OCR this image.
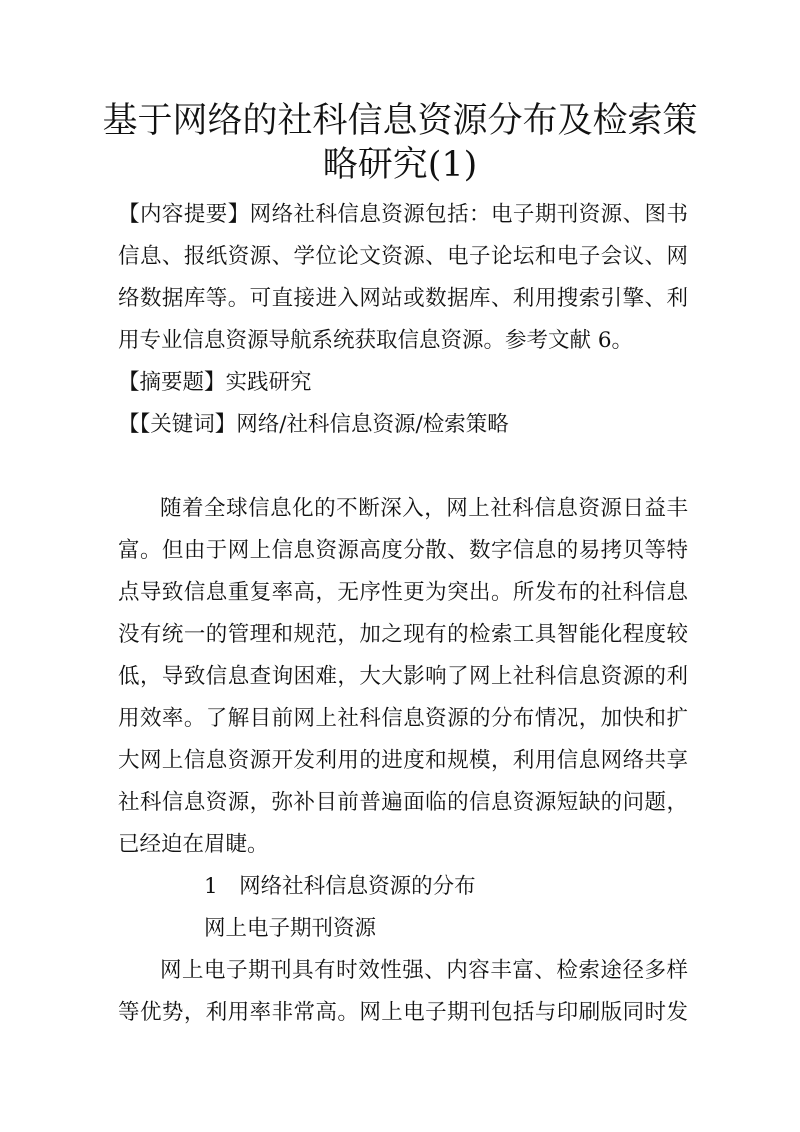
基于网络的社科信息资源分布及检索策
略研究(1)

【内容提要】网络社科信息资源包括：电子期刊资源、图书

信息、报纸资源、学位论文资源、电子论坛和电子会议、网

络数据库等。可直接进入网站或数据库、利用搜索引擎、利

用专业信息资源导航系统获取信息资源。参考文献 6。

【摘要题】实践研究

【【关键词】网络/社科信息资源/检索策略

随着全球信息化的不断深入，网上社科信息资源日益丰

富。但由于网上信息资源高度分散、数字信息的易拷贝等特

点导致信息重复率高，无序性更为突出。所发布的社科信息

没有统一的管理和规范，加之现有的检索工具智能化程度较

低，导致信息查询困难，大大影响了网上社科信息资源的利

用效率。了解目前网上社科信息资源的分布情况，加快和扩

大网上信息资源开发利用的进度和规模，利用信息网络共享

社科信息资源，弥补目前普遍面临的信息资源短缺的问题，

已经迫在眉睫。

1　网络社科信息资源的分布

网上电子期刊资源

网上电子期刊具有时效性强、内容丰富、检索途径多样

等优势，利用率非常高。网上电子期刊包括与印刷版同时发
